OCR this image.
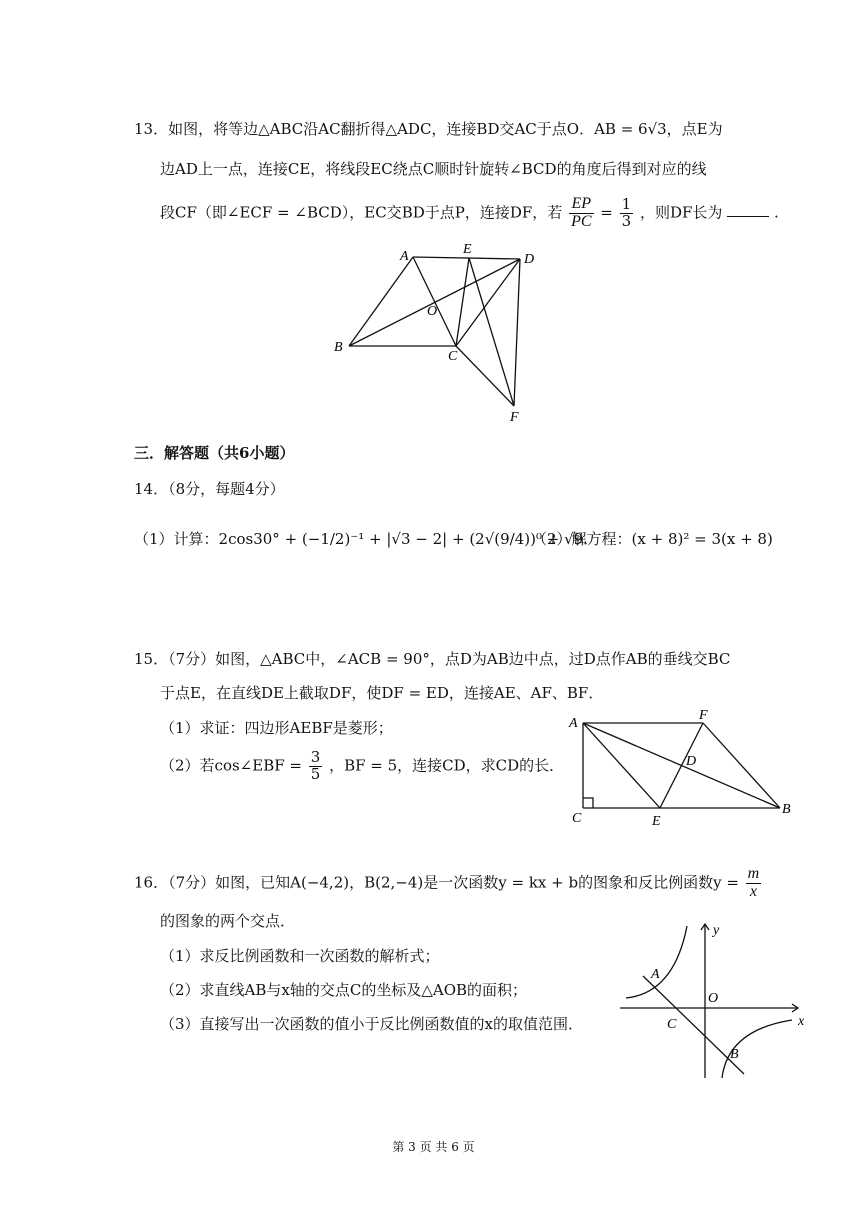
13．如图，将等边△ABC沿AC翻折得△ADC，连接BD交AC于点O．AB = 6√3，点E为
边AD上一点，连接CE，将线段EC绕点C顺时针旋转∠BCD的角度后得到对应的线
段CF（即∠ECF = ∠BCD），EC交BD于点P，连接DF，若 $\frac{EP}{PC} = \frac{1}{3}$ ，则DF长为	.
A	E
D
O
B
C
F
三．解答题（共6小题）
14．（8分，每题4分）
（1）计算：2cos30° + (−1/2)⁻¹ + |√3 − 2| + (2√(9/4))⁰ + √9．
（2）解方程：(x + 8)² = 3(x + 8)
15．（7分）如图，△ABC中，∠ACB = 90°，点D为AB边中点，过D点作AB的垂线交BC
于点E，在直线DE上截取DF，使DF = ED，连接AE、AF、BF．
（1）求证：四边形AEBF是菱形；
（2）若cos∠EBF = $\frac{3}{5}$ ，BF = 5，连接CD，求CD的长．
A
F
D
C	E
B
16．（7分）如图，已知A(−4,2)，B(2,−4)是一次函数y = kx + b的图象和反比例函数$y = \frac{m}{x}$
的图象的两个交点．
（1）求反比例函数和一次函数的解析式；
（2）求直线AB与x轴的交点C的坐标及△AOB的面积；
（3）直接写出一次函数的值小于反比例函数值的x的取值范围．
y
A
O
C	x
B
第 3 页 共 6 页
